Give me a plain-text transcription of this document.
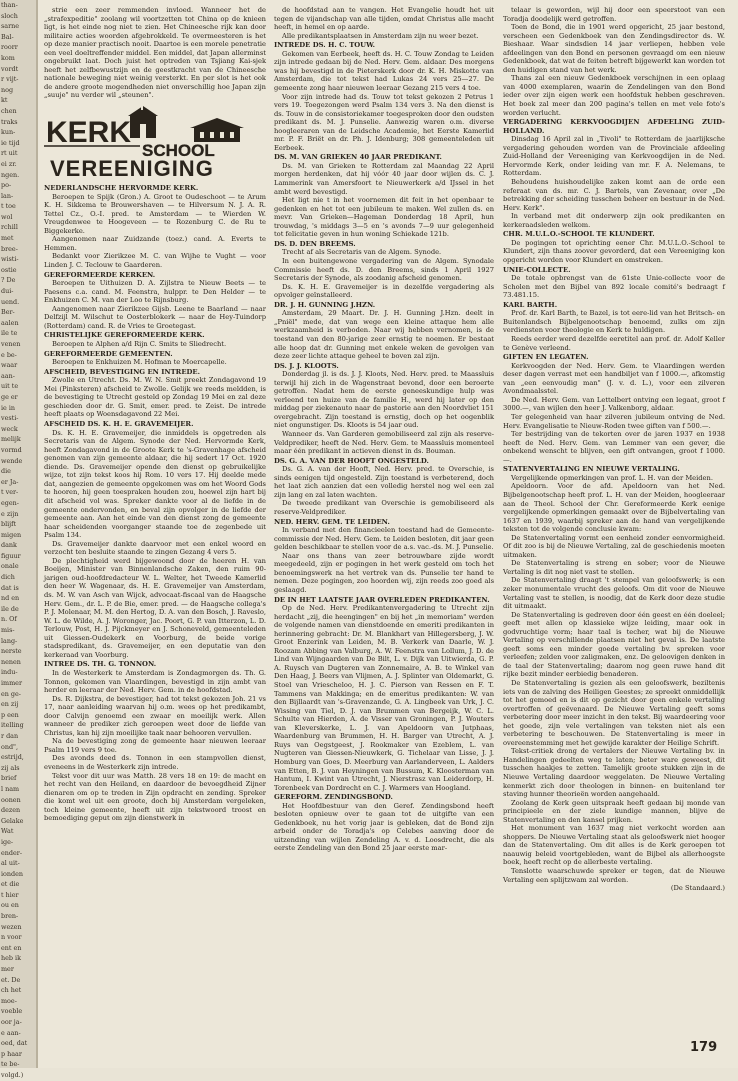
than-
sloch
sarne
Bal-
roorr
kom
vordt
r vijt-
nog
kt
chen
traks
kun-
ie tijd
rt uit
ei zr.
ngen.
po-
lan-
t toe
wol
rchill
met
bree-
wisti-
ostie
? De
dui-
uend.
Ber-
aalen
ile te
venen
e be-
waar
aan-
uit te
ge er
ie in
vesti-
weck
melijk
vormd
wende
die
er Ja-
t ver-
egen-
e zijn
blijft
migen
dank
figuur
onale
dich
dat is
nd en
ile de
n. Of
mis-
lang-
nerste
nenen
indu-
immer
en ge-
en zij
p een
itelling
r dan
ond",
estrijd,
zij als
brief
l nam
oonen
dezen
Gelake
Wat
ige-
ender-
al uit-
ionden
et die
t hier
ou en
bren-
wezen
n voor
ent en
heb ik
mer
et. De
ch het
moe-
voeble
oor ja-
e aan-
oed, dat
p haar
te be-
volgd.)

strie een zeer remmenden invloed. Wanneer het de „strafexpeditie" zoolang wil voortzetten tot China op de knieen ligt, is het einde nog niet te zien. Het Chineesche rijk kan door militaire acties woorden afgebrokkeld. Te overmeesteren is het op deze manier practisch nooit. Daartoe is een morele penetratie een veel doeltreffender middel. Een middel, dat Japan allerminst ongebruikt laat. Doch juist het optreden van Tsjiang Kai-sjek heeft het zelfbewustzijn en de geestkracht van de Chineesche nationale beweging niet weinig versterkt. En per slot is het ook de andere groote mogendheden niet onverschillig hoe Japan zijn „suuje" nu verder wil „steunen".

KERK
SCHOOL
VEREENIGING

NEDERLANDSCHE HERVORMDE KERK.

Beroepen te Spijk (Gron.) A. Groot te Oudeschoot — te Arum K. H. Sikkema te Brouwershaven — te Hilversum N. J. A. R. Tettel Cz., O.-I. pred. te Amsterdam — te Wierden W. Vreugdenwee te Hoogeveen — te Rozenburg C. de Ru te Biggekerke.

Aangenomen naar Zuidzande (toez.) cand. A. Everts te Hemmen.

Bedankt voor Zierikzee M. C. van Wijhe te Vught — voor Linden J. C. Teclouw te Gaarderen.

GEREFORMEERDE KERKEN.

Beroepen te Uithuizen D. A. Zijlstra te Nieuw Beets — te Paesens c.a. cand. M. Feenstra, hulppr. te Den Helder — te Enkhuizen C. M. van der Loo te Rijnsburg.

Aangenomen naar Zierikzee Gijsb. Leene te Baarland — naar Delfzijl M. Wilschut te Oosterblokerk — naar de Hey-Tuindorp (Rotterdam) cand. R. de Vries te Groetegast.

CHRISTELIJKE GEREFORMEERDE KERK.

Beroepen te Alphen a/d Rijn C. Smits te Sliedrecht.

GEREFORMEERDE GEMEENTEN.

Beroepen te Enkhuizen M. Hofman te Moercapelle.

AFSCHEID, BEVESTIGING EN INTREDE.

Zwolle en Utrecht. Ds. M. W. N. Smit preekt Zondagavond 19 Mei (Pinksteren) afscheid te Zwolle. Gelijk we reeds meldden, is de bevestiging te Utrecht gesteld op Zondag 19 Mei en zal deze geschieden door dr. G. Smit, emer. pred. te Zeist. De intrede heeft plaats op Woensdagavond 22 Mei.

AFSCHEID DS. K. H. E. GRAVEMEIJER.

Ds. K. H. E. Gravemeijer, die inmiddels is opgetreden als Secretaris van de Algem. Synode der Ned. Hervormde Kerk, heeft Zondagavond in de Groote Kerk te 's-Gravenhage afscheid genomen van zijn gemeente aldaar, die hij sedert 17 Oct. 1920 diende. Ds. Gravemeijer opende den dienst op gebruikelijke wijze, tot zijn tekst koos hij Rom. 10 vers 17. Hij deelde mede dat, aangezien de gemeente opgekomen was om het Woord Gods te hooren, hij geen toespraken houden zou, hoewel zijn hart bij dit afscheid vol was. Spreker dankte voor al de liefde in de gemeente ondervonden, en beval zijn opvolger in de liefde der gemeente aan. Aan het einde van den dienst zong de gemeente haar scheidenden voorganger staande toe de zegenbede uit Psalm 134.

Ds. Gravemeijer dankte daarvoor met een enkel woord en verzocht ten besluite staande te zingen Gezang 4 vers 5.

De plechtigheid werd bijgewoond door de heeren H. van Boeijen, Minister van Binnenlandsche Zaken, den ruim 90-jarigen oud-hoofdredacteur W. L. Welter, het Tweede Kamerlid den heer W. Wagenaar, ds. H. E. Gravemeijer van Amsterdam, ds. M. W. van Asch van Wijck, advocaat-fiscaal van de Haagsche Herv. Gem., dr. L. P. de Bie, emer. pred. — de Haagsche collega's P. J. Molenaar, M. M. den Hertog, D. A. van den Bosch, J. Raveslo, W. L. de Wilde, A. J. Woronger, Jac. Poort, G. P. van Itterzon, L. D. Terlouw, Post, H. J. Pijckmeyer en J. Schoneveld, gemeenteleden uit Giessen-Oudekerk en Voorburg, de beide vorige stadspredikant, ds. Gravemeijer, en een deputatie van den kerkeraad van Voorburg.

INTREE DS. TH. G. TONNON.

In de Westerkerk te Amsterdam is Zondagmorgen ds. Th. G. Tonnon, gekomen van Vlaardingen, bevestigd in zijn ambt van herder en leeraar der Ned. Herv. Gem. in de hoofdstad.

Ds. R. Dijkstra, de bevestiger, had tot tekst gekozen Joh. 21 vs 17, naar aanleiding waarvan hij o.m. wees op het predikambt, door Calvijn genoemd een zwaar en moeilijk werk. Allen wanneer de prediker zich geroepen weet door de liefde van Christus, kan hij zijn moeilijke taak naar behooren vervullen.

Na de bevestiging zong de gemeente haar nieuwen leeraar Psalm 119 vers 9 toe.

Des avonds deed ds. Tonnon in een stampvollen dienst, eveneens in de Westerkerk zijn intrede.

Tekst voor dit uur was Matth. 28 vers 18 en 19: de macht en het recht van den Heiland, en daardoor de bevoegdheid Zijner dienaren om op te treden in Zijn opdracht en zending. Spreker die komt wel uit een groote, doch bij Amsterdam vergeleken, toch kleine gemeente, heeft uit zijn tekstwoord troost en bemoediging geput om zijn dienstwerk in

de hoofdstad aan te vangen. Het Evangelie houdt het uit tegen de vijandschap van alle tijden, omdat Christus alle macht heeft, in hemel en op aarde.

Alle predikantsplaatsen in Amsterdam zijn nu weer bezet.

INTREDE DS. H. C. TOUW.

Gekomen van Eerbeek, heeft ds. H. C. Touw Zondag te Leiden zijn intrede gedaan bij de Ned. Herv. Gem. aldaar. Des morgens was hij bevestigd in de Pieterskerk door dr. K. H. Miskotte van Amsterdam, die tot tekst had Lukas 24 vers 25—27. De gemeente zong haar nieuwen leeraar Gezang 215 vers 4 toe.

Voor zijn intrede had ds. Touw tot tekst gekozen 2 Petrus 1 vers 19. Toegezongen werd Psalm 134 vers 3. Na den dienst is ds. Touw in de consistoriekamer toegesproken door den oudsten predikant ds. M. J. Punselie. Aanwezig waren o.m. diverse hoogleeraren van de Leidsche Academie, het Eerste Kamerlid mr. P. F. Briët en dr. Ph. J. Idenburg; 308 gemeenteleden uit Eerbeek.

DS. M. VAN GRIEKEN 40 JAAR PREDIKANT.

Ds. M. van Grieken te Rotterdam zal Maandag 22 April morgen herdenken, dat hij vóór 40 jaar door wijlen ds. C. J. Lammerink van Amersfoort te Nieuwerkerk a/d IJssel in het ambt werd bevestigd.

Het ligt nie t in het voornemen dit feit in het openbaar te gedenken en het tot een jubileum te maken. Wel zullen ds. en mevr. Van Grieken—Hageman Donderdag 18 April, hun trouwdag, 's middags 3—5 en 's avonds 7—9 uur gelegenheid tot felicitatie geven in hun woning Schiekade 121b.

DS. D. DEN BREEMS.

Trecht af als Secretaris van de Algem. Synode.

In een buitengewone vergadering van de Algem. Synodale Commissie heeft ds. D. den Breems, sinds 1 April 1927 Secretaris der Synode, als zoodanig afscheid genomen.

Ds. K. H. E. Gravemeijer is in dezelfde vergadering als opvolger geïnstalleerd.

DR. J. H. GUNNING J.HZN.

Amsterdam, 29 Maart. Dr. J. H. Gunning J.Hzn. deelt in „Pniël" mede, dat van wege een kleine attaque hem alle werkzaamheid is verboden. Naar wij hebben vernomen, is de toestand van den 80-jarige zeer ernstig te noemen. Er bestaat alle hoop dat dr. Gunning met enkele weken de gevolgen van deze zeer lichte attaque geheel te boven zal zijn.

DS. J. J. KLOOTS.

Donderdag jl. is ds. J. J. Kloots, Ned. Herv. pred. te Maassluis terwijl hij zich in de Wagenstraat bevond, door een beroerte getroffen. Nadat hem de eerste geneeskundige hulp was verleend ten huize van de familie H., werd hij later op den middag per ziekenauto naar de pastorie aan den Noordvliet 151 overgebracht. Zijn toestand is ernstig, doch op het oogenblik niet ongunstiger. Ds. Kloots is 54 jaar oud.

Wanneer ds. Van Garderen gemobiliseerd zal zijn als reserve-Veldprediker, heeft de Ned. Herv. Gem. te Maassluis momenteel maar één predikant in actieven dienst in ds. Bouman.

DS. G. A. VAN DER HOOFT ONGESTELD.

Ds. G. A. van der Hooft, Ned. Herv. pred. te Overschie, is sinds eenigen tijd ongesteld. Zijn toestand is verbeterend, doch het laat zich aanzien dat een volledig herstel nog wel een zal zijn lang en zal laten wachten.

De tweede predikant van Overschie is gemobiliseerd als reserve-Veldprediker.

NED. HERV. GEM. TE LEIDEN.

In verband met den financieelen toestand had de Gemeente-commissie der Ned. Herv. Gem. te Leiden besloten, dit jaar geen gelden beschikbaar te stellen voor de a.s. vac.-ds. M. J. Punselie.

Naar ons thans van zeer betrouwbare zijde wordt meegedeeld, zijn er pogingen in het werk gesteld om toch het benoemingswerk na het vertrek van ds. Punselie ter hand te nemen. Deze pogingen, zoo hoorden wij, zijn reeds zoo goed als geslaagd.

DE IN HET LAATSTE JAAR OVERLEDEN PREDIKANTEN.

Op de Ned. Herv. Predikantenvergadering te Utrecht zijn herdacht „zij, die heengingen" en bij het „in memoriam" werden de volgende namen van dienstdoende en emeriti predikanten in herinnering gebracht: Dr. M. Blankhart van Hillegersberg, J. W. Groot Enzerink van Leiden, M. B. Verkerk van Daarle, W. J. Roozam Abbing van Valburg, A. W. Feenstra van Lollum, J. D. de Lind van Wijngaarden van De Bilt, L. v. Dijk van Uitwierda, G. P. A. Ruysch van Dugteren van Zonnemaire, A. B. te Winkel van Den Haag, J. Beers van Vlijmen, A. J. Splinter van Oldemarkt, G. Stoel van Vriescheloo, H. J. C. Pierson van Ressen en F. T. Tammens van Makkinga; en de emeritus predikanten: W. van den Bijllaardt van 's-Gravenzande, G. A. Lingbeek van Urk, J. C. Wissing van Tiel, D. J. van Brummen van Bergeijk, W. C. L. Schulte van Hierden, A. de Visser van Groningen, P. J. Wouters van Kleverskerke, L. J. van Apeldoorn van Jutphaas, Waardenburg van Brummen, H. H. Barger van Utrecht, A. J. Ruys van Oegstgeest, J. Rookmaker van Ezeblem, L. van Nugteren van Giessen-Nieuwkerk, G. Tichelaar van Lisse, J. J. Homburg van Goes, D. Meerburg van Aarlanderveen, L. Aalders van Etten, B. J. van Heyningen van Bussum, K. Kloosterman van Hantum, I. Kwint van Utrecht, J. Nierstrasz van Leiderdorp, H. Torenbeek van Dordrecht en C. J. Warmers van Hoogland.

GEREFORM. ZENDINGSBOND.

Het Hoofdbestuur van den Geref. Zendingsbond heeft besloten opnieuw over te gaan tot de uitgifte van een Gedenkboek, nu het vorig jaar is gebleken, dat de Bond zijn arbeid onder de Toradja's op Celebes aanving door de uitzending van wijlen Zendeling A. v. d. Loosdrecht, die als eerste Zendeling van den Bond 25 jaar eerste mar-

telaar is geworden, wijl hij door een speerstoot van een Toradja doodelijk werd getroffen.

Toen de Bond, die in 1901 werd opgericht, 25 jaar bestond, verscheen een Gedenkboek van den Zendingsdirector ds. W. Bieshaar. Waar sindsdien 14 jaar verliepen, hebben vele afdeelingen van den Bond en personen gevraagd om een nieuw Gedenkboek, dat wat de feiten betreft bijgewerkt kan worden tot den huidigen stand van het werk.

Thans zal een nieuw Gedenkboek verschijnen in een oplaag van 4000 exemplaren, waarin de Zendelingen van den Bond ieder over zijn eigen werk een hoofdstuk hebben geschreven. Het boek zal meer dan 200 pagina's tellen en met vele foto's worden verlucht.

VERGADERING KERKVOOGDIJEN AFDEELING ZUID-HOLLAND.

Dinsdag 16 April zal in „Tivoli" te Rotterdam de jaarlijksche vergadering gehouden worden van de Provinciale afdeeling Zuid-Holland der Vereeniging van Kerkvoogdijen in de Ned. Hervormde Kerk, onder leiding van mr. F. A. Nelemans, te Rotterdam.

Behoudens huishoudelijke zaken komt aan de orde een referaat van ds. mr. C. J. Bartels, van Zevenaar, over „De betrekking der scheiding tusschen beheer en bestuur in de Ned. Herv. Kerk".

In verband met dit onderwerp zijn ook predikanten en kerkeraadsleden welkom.

CHR. M.U.L.O.-SCHOOL TE KLUNDERT.

De pogingen tot oprichting eener Chr. M.U.L.O.-School te Klundert, zijn thans zoover gevorderd, dat een Vereeniging kon opgericht worden voor Klundert en omstreken.

UNIE-COLLECTE.

De totale opbrengst van de 61ste Unie-collecte voor de Scholen met den Bijbel van 892 locale comité's bedraagt f 73.481.15.

KARL BARTH.

Prof. dr. Karl Barth, te Bazel, is tot eere-lid van het Britsch- en Buitenlandsch Bijbelgenootschap benoemd, zulks om zijn verdiensten voor theologie en Kerk te huldigen.

Reeds eerder werd dezelfde eeretitel aan prof. dr. Adolf Keller te Genève verleend.

GIFTEN EN LEGATEN.

Kerkvoogden der Ned. Herv. Gem. te Vlaardingen werden deser dagen verrast met een handbiljet van f 1000.—, afkomstig van „een eenvoudig man" (J. v. d. L.), voor een zilveren Avondmaalsstel.

De Ned. Herv. Gem. van Lettelbert ontving een legaat, groot f 3000.—, van wijlen den heer J. Valkenborg, aldaar.

Ter gelegenheid van haar zilveren jubileum ontving de Ned. Herv. Evangelisatie te Nieuw-Roden twee giften van f 500.—.

Ter bestrijding van de tekorten over de jaren 1937 en 1938 heeft de Ned. Herv. Gem. van Lemmer van een gever, die onbekend wenscht te blijven, een gift ontvangen, groot f 1000.—.

STATENVERTALING EN NIEUWE VERTALING.

Vergelijkende opmerkingen van prof. L. H. van der Meiden.

Apeldoorn. Voor de afd. Apeldoorn van het Ned. Bijbelgenootschap heeft prof. L. H. van der Meiden, hoogleeraar aan de Theol. School der Chr. Gereformeerde Kerk eenige vergelijkende opmerkingen gemaakt over de Bijbelvertaling van 1637 en 1939, waarbij spreker aan de hand van vergelijkende teksten tot de volgende conclusie kwam:

De Statenvertaling vormt een eenheid zonder eenvormigheid. Of dit zoo is bij de Nieuwe Vertaling, zal de geschiedenis moeten uitmaken.

De Statenvertaling is streng en sober; voor de Nieuwe Vertaling is dit nog niet vast te stellen.

De Statenvertaling draagt 't stempel van geloofswerk; is een zeker monumentale vrucht des geloofs. Om dit voor de Nieuwe Vertaling vast te stellen, is noodig, dat de Kerk door deze studie dit uitmaakt.

De Statenvertaling is gedreven door één geest en één doeleel; geeft met allen op klassieke wijze leiding, maar ook in godvruchtige vorm; haar taal is techer, wat bij de Nieuwe Vertaling op verschillende plaatsen niet het geval is. De laatste geeft soms een minder goede vertaling bv. spreken voor verleefen; zelden voor zaligmaken, enz. De geloovigen denken in de taal der Statenvertaling; daarom nog geen ruwe hand dit rijke bezit minder eerbiedig benaderen.

De Statenvertaling is gezien als een geloofswerk, beziltenis iets van de zalving des Heiligen Geestes; ze spreekt onmiddellijk tot het gemoed en is dit op gezicht door geen enkele vertaling overtroffen of geëvenaard. De Nieuwe Vertaling geeft soms verbetering door meer inzicht in den tekst. Bij waardeering voor het goede, zijn vele vertalingen van teksten niet als een verbetering te beschouwen. De Statenvertaling is meer in overeenstemming met het gewijde karakter der Heilige Schrift.

Tekst-critiek drong de vertalers der Nieuwe Vertaling bv. in Handelingen gedeelten weg te laten; beter ware geweest, dit tusschen haakjes te zetten. Tamelijk groote stukken zijn in de Nieuwe Vertaling daardoor weggelaten. De Nieuwe Vertaling kenmerkt zich door theologen in binnen- en buitenland ter staving hunner theorieën worden aangehaald.

Zoolang de Kerk geen uitspraak heeft gedaan bij monde van principieele en der ziele kundige mannen, blijve de Statenvertaling en den kansel prijken.

Het monument van 1637 mag niet verkocht worden aan shoppers. De Nieuwe Vertaling staat als geloofswerk niet hooger dan de Statenvertaling. Om dit alles is de Kerk geroepen tot naauwig beleid voortgebleden, want de Bijbel als allerhoogste boek, heeft recht op de allerbeste vertaling.

Tenslotte waarschuwde spreker er tegen, dat de Nieuwe Vertaling een splijtzwam zal worden.

(De Standaard.)

179
